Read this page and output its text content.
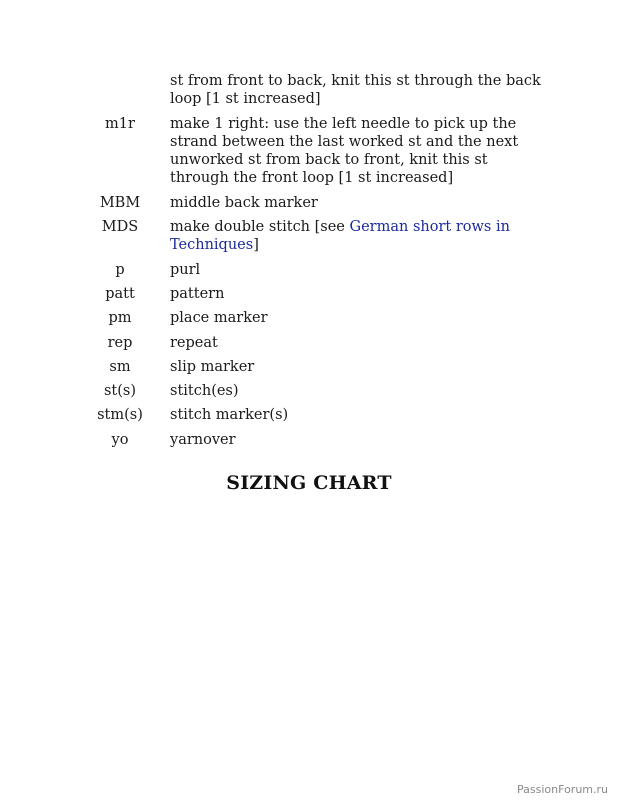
st from front to back, knit this st through the back loop [1 st increased]
m1r	make 1 right: use the left needle to pick up the strand between the last worked st and the next unworked st from back to front, knit this st through the front loop [1 st increased]
MBM	middle back marker
MDS	make double stitch [see German short rows in Techniques]
p	purl
patt	pattern
pm	place marker
rep	repeat
sm	slip marker
st(s)	stitch(es)
stm(s)	stitch marker(s)
yo	yarnover
SIZING CHART
PassionForum.ru
